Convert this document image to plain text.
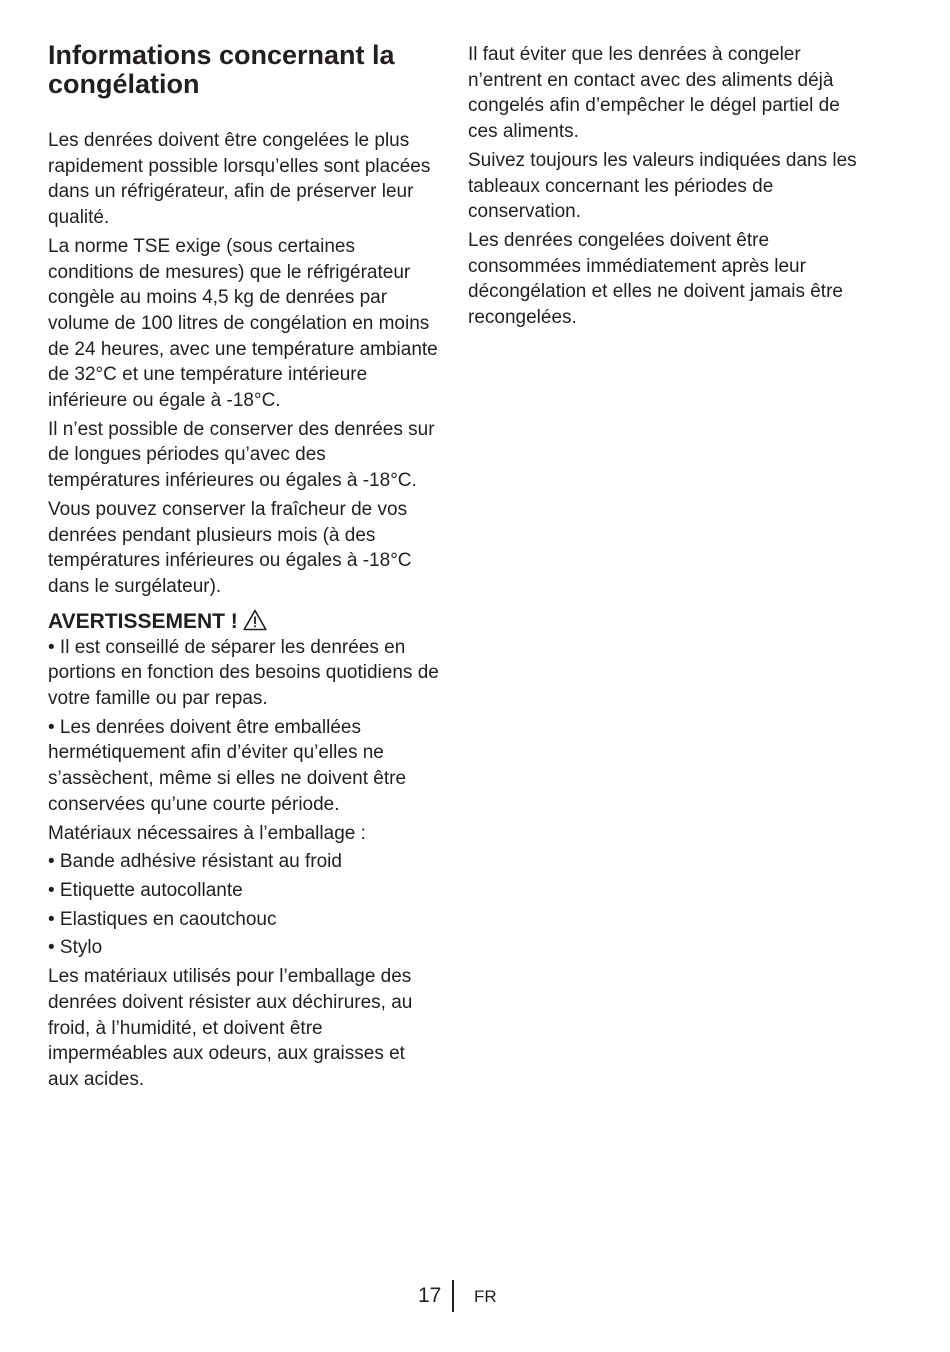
Informations concernant la congélation

Les denrées doivent être congelées le plus rapidement possible lorsqu’elles sont placées dans un réfrigérateur, afin de préserver leur qualité.

La norme TSE exige (sous certaines conditions de mesures) que le réfrigérateur congèle au moins 4,5 kg de denrées par volume de 100 litres de congélation en moins de 24 heures, avec une température ambiante de 32°C et une température intérieure inférieure ou égale à -18°C.

Il n’est possible de conserver des denrées sur de longues périodes qu’avec des températures inférieures ou égales à -18°C.

Vous pouvez conserver la fraîcheur de vos denrées pendant plusieurs mois (à des températures inférieures ou égales à -18°C dans le surgélateur).

AVERTISSEMENT !

• Il est conseillé de séparer les denrées en portions en fonction des besoins quotidiens de votre famille ou par repas.

• Les denrées doivent être emballées hermétiquement afin d’éviter qu’elles ne s’assèchent, même si elles ne doivent être conservées qu’une courte période.

Matériaux nécessaires à l’emballage :

• Bande adhésive résistant au froid

• Etiquette autocollante

• Elastiques en caoutchouc

• Stylo

Les matériaux utilisés pour l’emballage des denrées doivent résister aux déchirures, au froid, à l’humidité, et doivent être imperméables aux odeurs, aux graisses et aux acides.

Il faut éviter que les denrées à congeler n’entrent en contact avec des aliments déjà congelés afin d’empêcher le dégel partiel de ces aliments.

Suivez toujours les valeurs indiquées dans les tableaux concernant les périodes de conservation.

Les denrées congelées doivent être consommées immédiatement après leur décongélation et elles ne doivent jamais être recongelées.

17 FR
